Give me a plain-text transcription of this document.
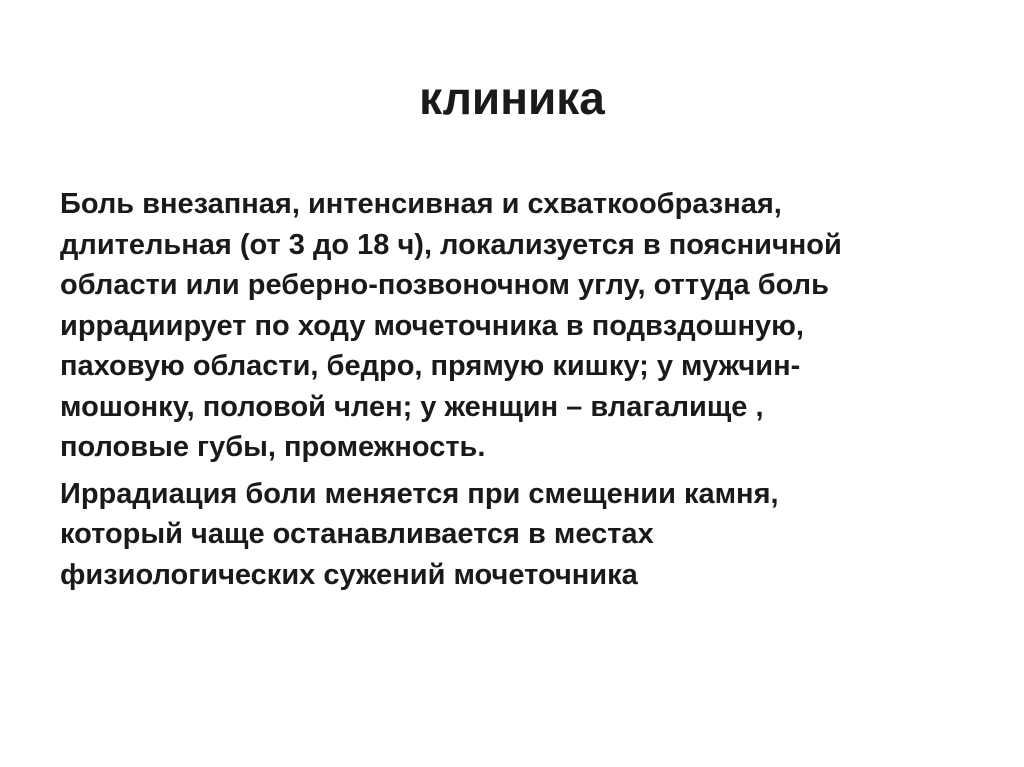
клиника
Боль внезапная, интенсивная и схваткообразная,
длительная (от 3 до 18 ч), локализуется в поясничной
области или реберно-позвоночном углу, оттуда боль
иррадиирует по ходу мочеточника в подвздошную,
паховую области, бедро, прямую кишку; у мужчин-
мошонку, половой член; у женщин – влагалище ,
половые губы, промежность.
Иррадиация боли меняется при смещении камня,
который чаще останавливается в местах
физиологических сужений мочеточника
